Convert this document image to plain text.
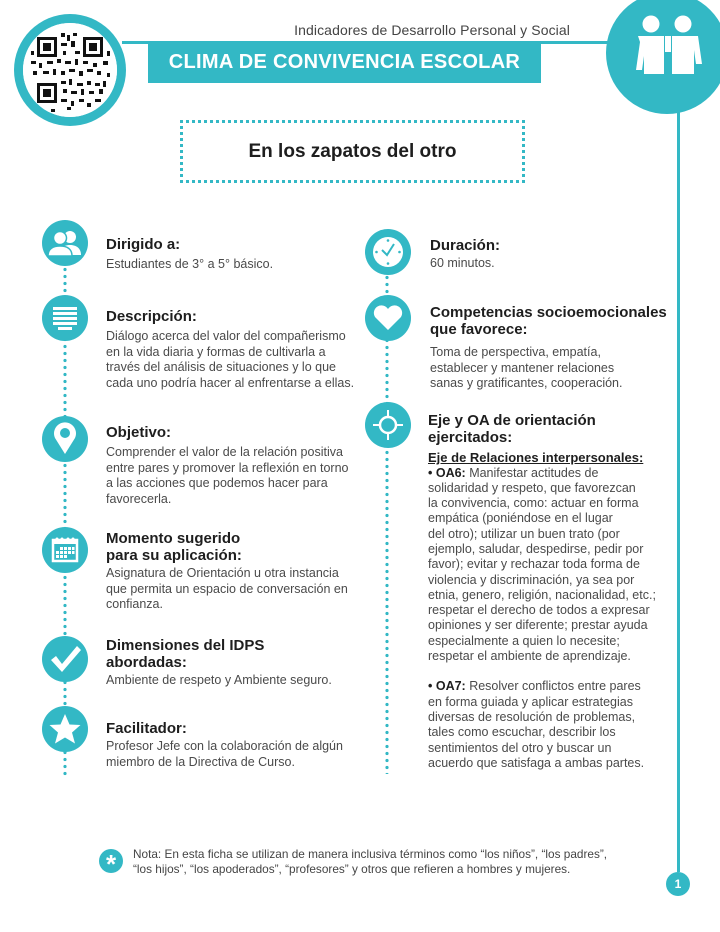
Indicadores de Desarrollo Personal y Social
CLIMA DE CONVIVENCIA ESCOLAR
En los zapatos del otro
Dirigido a:
Estudiantes de 3° a 5° básico.
Descripción:
Diálogo acerca del valor del compañerismo
en la vida diaria y formas de cultivarla a
través del análisis de situaciones y lo que
cada uno podría hacer al enfrentarse a ellas.
Objetivo:
Comprender el valor de la relación positiva
entre pares y promover la reflexión en torno
a las acciones que podemos hacer para
favorecerla.
Momento sugerido
para su aplicación:
Asignatura de Orientación u otra instancia
que permita un espacio de conversación en
confianza.
Dimensiones del IDPS
abordadas:
Ambiente de respeto y Ambiente seguro.
Facilitador:
Profesor Jefe con la colaboración de algún
miembro de la Directiva de Curso.
Duración:
60 minutos.
Competencias socioemocionales
que favorece:
Toma de perspectiva, empatía,
establecer y mantener relaciones
sanas y gratificantes, cooperación.
Eje y OA de orientación
ejercitados:
Eje de Relaciones interpersonales:
• OA6: Manifestar actitudes de
solidaridad y respeto, que favorezcan
la convivencia, como: actuar en forma
empática (poniéndose en el lugar
del otro); utilizar un buen trato (por
ejemplo, saludar, despedirse, pedir por
favor); evitar y rechazar toda forma de
violencia y discriminación, ya sea por
etnia, genero, religión, nacionalidad, etc.;
respetar el derecho de todos a expresar
opiniones y ser diferente; prestar ayuda
especialmente a quien lo necesite;
respetar el ambiente de aprendizaje.
• OA7: Resolver conflictos entre pares
en forma guiada y aplicar estrategias
diversas de resolución de problemas,
tales como escuchar, describir los
sentimientos del otro y buscar un
acuerdo que satisfaga a ambas partes.
*	Nota: En esta ficha se utilizan de manera inclusiva términos como “los niños”, “los padres”,
“los hijos”, “los apoderados”, “profesores” y otros que refieren a hombres y mujeres.
1
